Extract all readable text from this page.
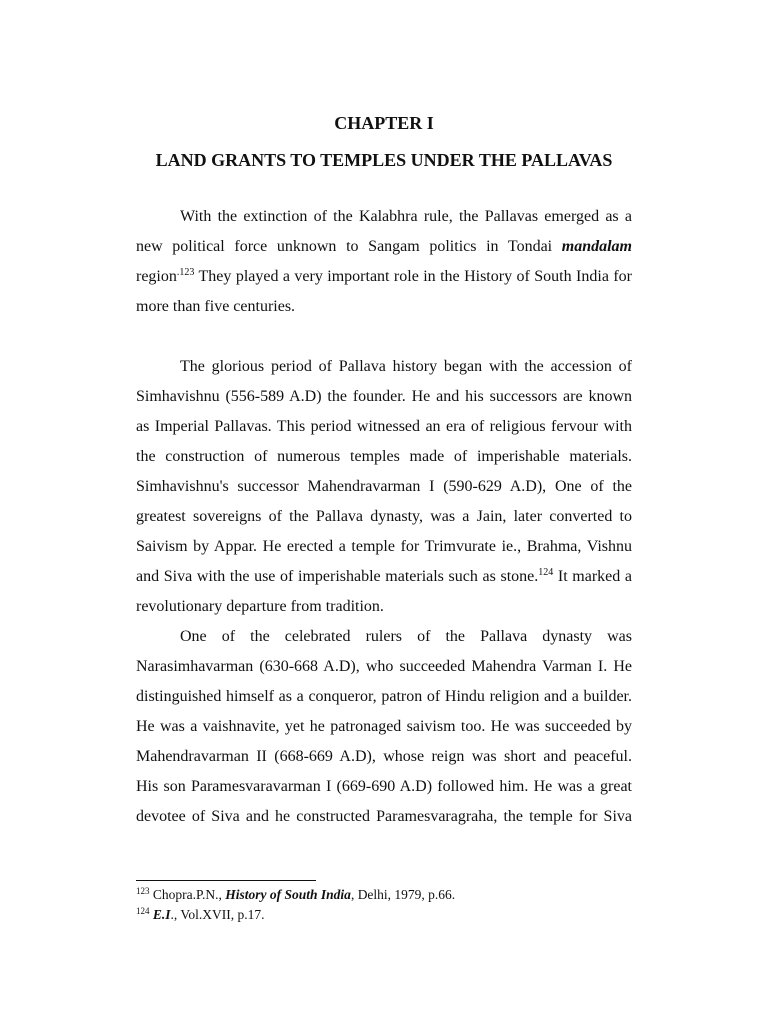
CHAPTER I
LAND GRANTS TO TEMPLES UNDER THE PALLAVAS

With the extinction of the Kalabhra rule, the Pallavas emerged as a
new political force unknown to Sangam politics in Tondai mandalam
region$^{.123}$ They played a very important role in the History of South India for
more than five centuries.

The glorious period of Pallava history began with the accession of
Simhavishnu (556-589 A.D) the founder. He and his successors are known
as Imperial Pallavas. This period witnessed an era of religious fervour with
the construction of numerous temples made of imperishable materials.
Simhavishnu's successor Mahendravarman I (590-629 A.D), One of the
greatest sovereigns of the Pallava dynasty, was a Jain, later converted to
Saivism by Appar. He erected a temple for Trimvurate ie., Brahma, Vishnu
and Siva with the use of imperishable materials such as stone.$^{124}$ It marked a
revolutionary departure from tradition.

One of the celebrated rulers of the Pallava dynasty was
Narasimhavarman (630-668 A.D), who succeeded Mahendra Varman I. He
distinguished himself as a conqueror, patron of Hindu religion and a builder.
He was a vaishnavite, yet he patronaged saivism too. He was succeeded by
Mahendravarman II (668-669 A.D), whose reign was short and peaceful.
His son Paramesvaravarman I (669-690 A.D) followed him. He was a great
devotee of Siva and he constructed Paramesvaragraha, the temple for Siva

$^{123}$ Chopra.P.N., History of South India, Delhi, 1979, p.66.

$^{124}$ E.I., Vol.XVII, p.17.
